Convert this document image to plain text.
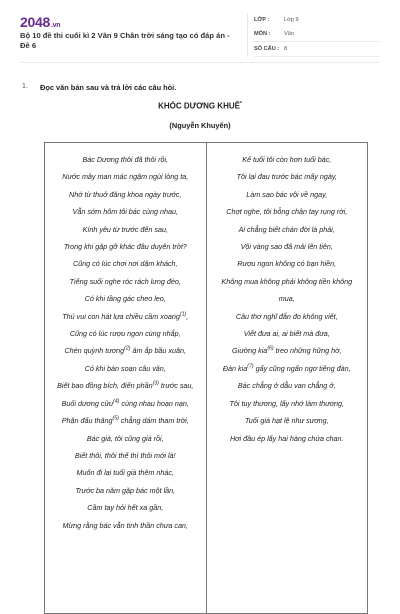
2048.vn
Bộ 10 đề thi cuối kì 2 Văn 9 Chân trời sáng tạo có đáp án - Đề 6
LỚP :	Lớp 9
MÔN :	Văn
SỐ CÂU : 8
1. Đọc văn bản sau và trả lời các câu hỏi.
KHÓC DƯƠNG KHUÊ*
(Nguyễn Khuyến)
Bác Dương thôi đã thôi rồi,
Nước mây man mác ngậm ngùi lòng ta,
Nhớ từ thuở đăng khoa ngày trước,
Vẫn sớm hôm tôi bác cùng nhau,
Kính yêu từ trước đến sau,
Trong khi gặp gỡ khác đâu duyên trời?
Cũng có lúc chơi nơi dặm khách,
Tiếng suối nghe róc rách lưng đèo,
Có khi tầng gác cheo leo,
Thú vui con hát lựa chiều cầm xoang$^{(1)}$,
Cũng có lúc rượu ngon cùng nhắp,
Chén quỳnh tương$^{(2)}$ ăm ắp bầu xuân,
Có khi bàn soạn câu văn,
Biết bao đồng bích, điển phần$^{(3)}$ trước sau,
Buổi dương cửu$^{(4)}$ cùng nhau hoạn nạn,
Phận đấu thăng$^{(5)}$ chẳng dám tham trời,
Bác già, tôi cũng già rồi,
Biết thôi, thôi thế thì thôi mới là!
Muốn đi lại tuổi già thêm nhác,
Trước ba năm gặp bác một lần,
Cầm tay hỏi hết xa gần,
Mừng rằng bác vẫn tinh thần chưa can,
Kể tuổi tôi còn hơn tuổi bác,
Tôi lại đau trước bác mấy ngày,
Làm sao bác vội về ngay,
Chợt nghe, tôi bỗng chân tay rụng rời,
Ai chẳng biết chán đời là phải,
Vội vàng sao đã mải lên tiên,
Rượu ngon không có bạn hiền,
Không mua không phải không tiền không mua,
Câu thơ nghĩ đắn đo không viết,
Viết đưa ai, ai biết mà đưa,
Giường kia$^{(6)}$ treo những hững hờ,
Đàn kia$^{(7)}$ gẩy cũng ngẩn ngơ tiếng đàn,
Bác chẳng ở dẫu van chẳng ở,
Tôi tuy thương, lấy nhớ làm thương,
Tuổi già hạt lệ như sương,
Hơi đâu ép lấy hai hàng chứa chan.
